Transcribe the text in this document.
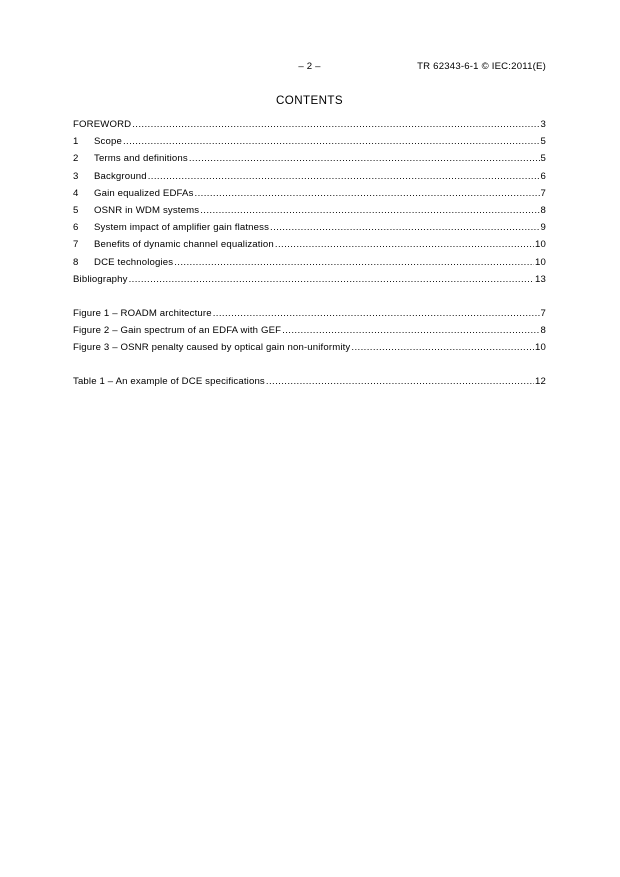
– 2 –	TR 62343-6-1 © IEC:2011(E)
CONTENTS
FOREWORD .....	3
1	Scope .....	5
2	Terms and definitions .....	5
3	Background .....	6
4	Gain equalized EDFAs .....	7
5	OSNR in WDM systems .....	8
6	System impact of amplifier gain flatness .....	9
7	Benefits of dynamic channel equalization .....	10
8	DCE technologies .....	10
Bibliography .....	13
Figure 1 – ROADM architecture .....	7
Figure 2 – Gain spectrum of an EDFA with GEF .....	8
Figure 3 – OSNR penalty caused by optical gain non-uniformity .....	10
Table 1 – An example of DCE specifications .....	12
